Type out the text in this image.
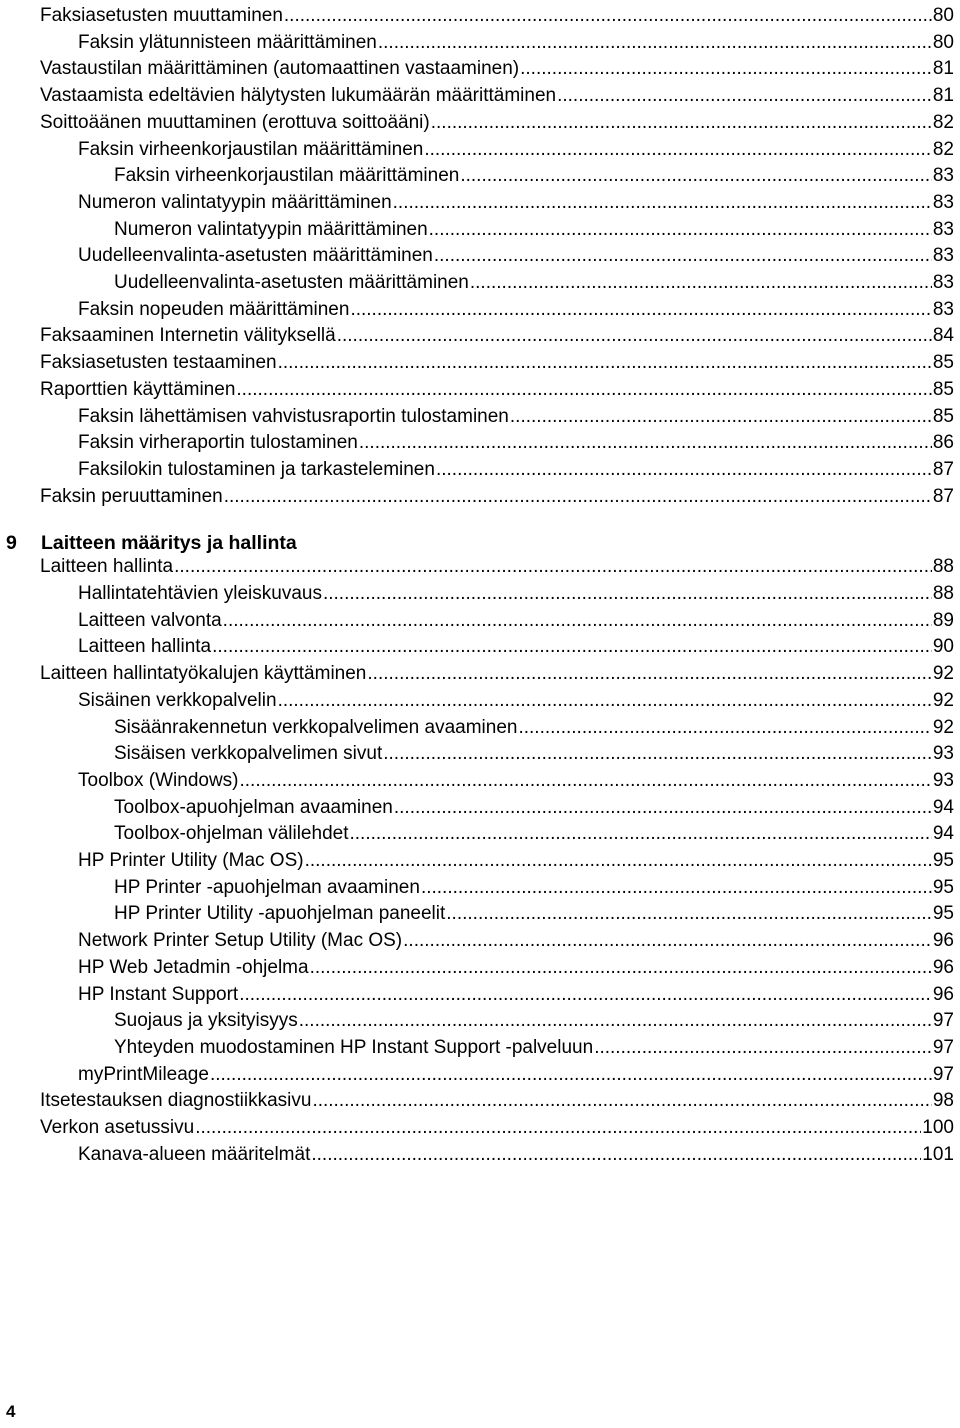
Faksiasetusten muuttaminen .....	80
Faksin ylätunnisteen määrittäminen .....	80
Vastaustilan määrittäminen (automaattinen vastaaminen) .....	81
Vastaamista edeltävien hälytysten lukumäärän määrittäminen .....	81
Soittoäänen muuttaminen (erottuva soittoääni) .....	82
Faksin virheenkorjaustilan määrittäminen .....	82
Faksin virheenkorjaustilan määrittäminen .....	83
Numeron valintatyypin määrittäminen .....	83
Numeron valintatyypin määrittäminen .....	83
Uudelleenvalinta-asetusten määrittäminen .....	83
Uudelleenvalinta-asetusten määrittäminen .....	83
Faksin nopeuden määrittäminen .....	83
Faksaaminen Internetin välityksellä .....	84
Faksiasetusten testaaminen .....	85
Raporttien käyttäminen .....	85
Faksin lähettämisen vahvistusraportin tulostaminen .....	85
Faksin virheraportin tulostaminen .....	86
Faksilokin tulostaminen ja tarkasteleminen .....	87
Faksin peruuttaminen .....	87
9	Laitteen määritys ja hallinta
Laitteen hallinta .....	88
Hallintatehtävien yleiskuvaus .....	88
Laitteen valvonta .....	89
Laitteen hallinta .....	90
Laitteen hallintatyökalujen käyttäminen .....	92
Sisäinen verkkopalvelin .....	92
Sisäänrakennetun verkkopalvelimen avaaminen .....	92
Sisäisen verkkopalvelimen sivut .....	93
Toolbox (Windows) .....	93
Toolbox-apuohjelman avaaminen .....	94
Toolbox-ohjelman välilehdet .....	94
HP Printer Utility (Mac OS) .....	95
HP Printer -apuohjelman avaaminen .....	95
HP Printer Utility -apuohjelman paneelit .....	95
Network Printer Setup Utility (Mac OS) .....	96
HP Web Jetadmin -ohjelma .....	96
HP Instant Support .....	96
Suojaus ja yksityisyys .....	97
Yhteyden muodostaminen HP Instant Support -palveluun .....	97
myPrintMileage .....	97
Itsetestauksen diagnostiikkasivu .....	98
Verkon asetussivu .....	100
Kanava-alueen määritelmät .....	101
4
